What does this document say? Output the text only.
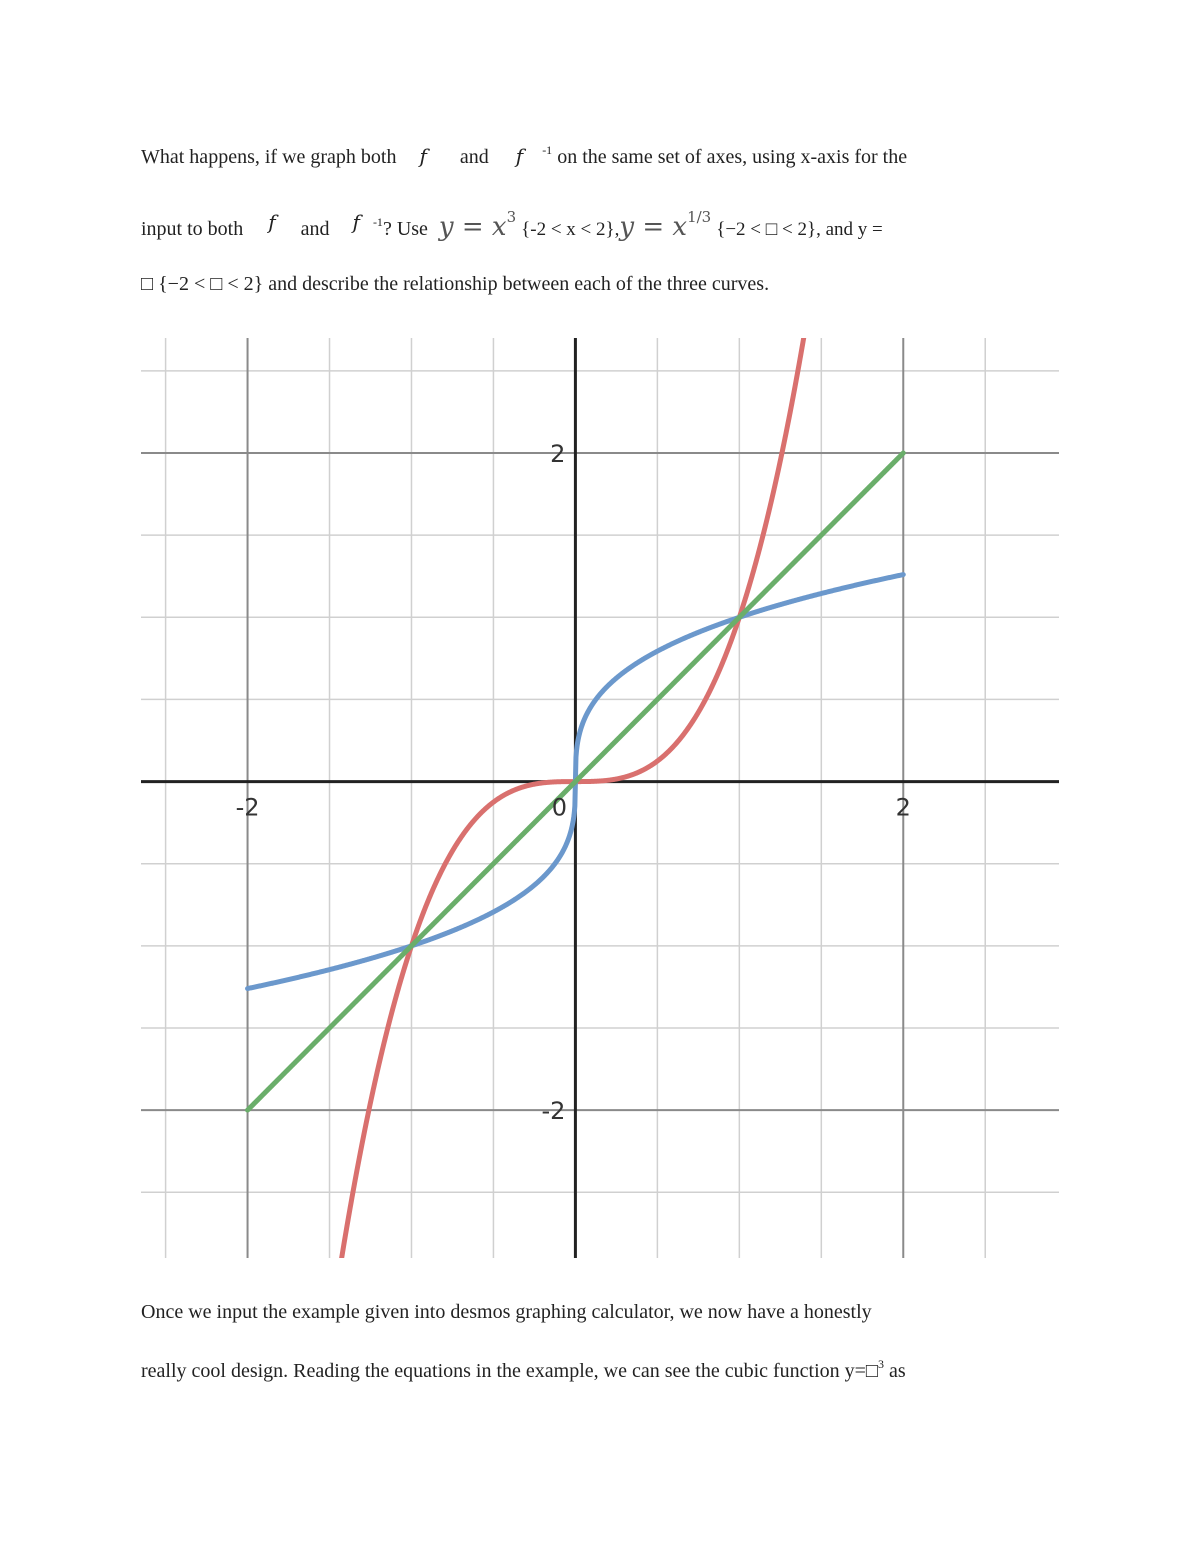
What happens, if we graph both f and f $^{-1}$ on the same set of axes, using x-axis for the
input to both f and f $^{-1}$? Use $y = x^3$ $\{-2 < x < 2\},y = x^{1/3}$ {−2 < □ < 2}, and y =
□ {−2 < □ < 2} and describe the relationship between each of the three curves.
-2	0	2
2
-2
Once we input the example given into desmos graphing calculator, we now have a honestly
really cool design. Reading the equations in the example, we can see the cubic function y=□$^3$ as
